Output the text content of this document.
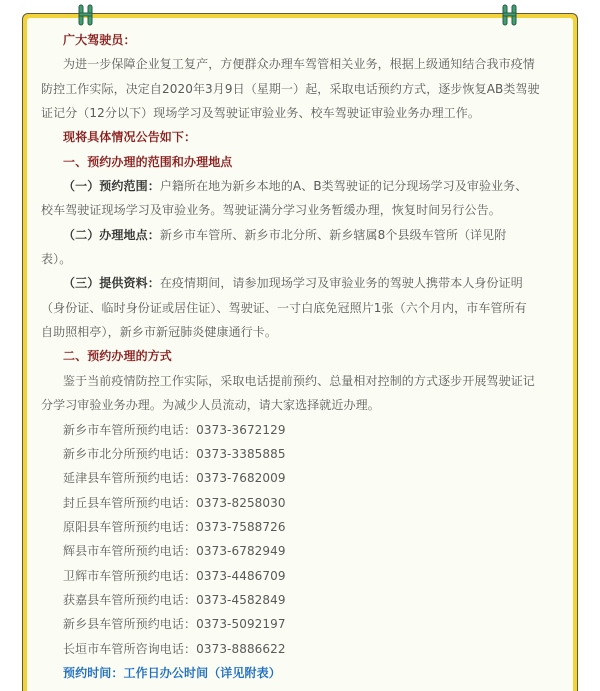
广大驾驶员：
为进一步保障企业复工复产，方便群众办理车驾管相关业务，根据上级通知结合我市疫情
防控工作实际，决定自2020年3月9日（星期一）起，采取电话预约方式，逐步恢复AB类驾驶
证记分（12分以下）现场学习及驾驶证审验业务、校车驾驶证审验业务办理工作。
现将具体情况公告如下：
一、预约办理的范围和办理地点
（一）预约范围：户籍所在地为新乡本地的A、B类驾驶证的记分现场学习及审验业务、
校车驾驶证现场学习及审验业务。驾驶证满分学习业务暂缓办理，恢复时间另行公告。
（二）办理地点：新乡市车管所、新乡市北分所、新乡辖属8个县级车管所（详见附
表）。
（三）提供资料：在疫情期间，请参加现场学习及审验业务的驾驶人携带本人身份证明
（身份证、临时身份证或居住证）、驾驶证、一寸白底免冠照片1张（六个月内，市车管所有
自助照相亭），新乡市新冠肺炎健康通行卡。
二、预约办理的方式
鉴于当前疫情防控工作实际，采取电话提前预约、总量相对控制的方式逐步开展驾驶证记
分学习审验业务办理。为减少人员流动，请大家选择就近办理。
新乡市车管所预约电话：0373-3672129
新乡市北分所预约电话：0373-3385885
延津县车管所预约电话：0373-7682009
封丘县车管所预约电话：0373-8258030
原阳县车管所预约电话：0373-7588726
辉县市车管所预约电话：0373-6782949
卫辉市车管所预约电话：0373-4486709
获嘉县车管所预约电话：0373-4582849
新乡县车管所预约电话：0373-5092197
长垣市车管所咨询电话：0373-8886622
预约时间：工作日办公时间（详见附表）
